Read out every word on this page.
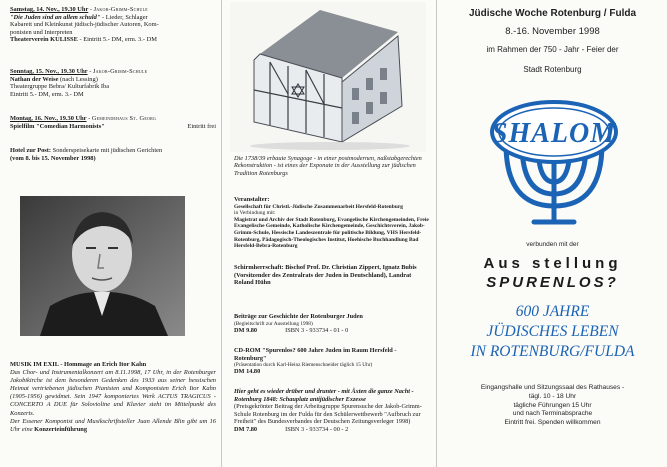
Samstag, 14. Nov., 19.30 Uhr - Jakob-Grimm-Schule
"Die Juden sind an allem schuld" - Lieder, Schlager
Kabarett und Kleinkunst jüdisch-jüdischer Autoren, Kom-
ponisten und Interpreten
Theaterverein KULISSE - Eintritt 5.- DM, erm. 3.- DM
Sonntag, 15. Nov., 19.30 Uhr - Jakob-Grimm-Schule
Nathan der Weise (nach Lessing)
Theatergruppe Bebra/ Kulturfabrik Iba
Eintritt 5.- DM, erm. 3.- DM
Montag, 16. Nov., 19.30 Uhr - Gemeindehaus St. Georg
Spielfilm "Comedian Harmonists"	Eintritt frei
Hotel zur Post: Sonderspeisekarte mit jüdischen Gerichten
(vom 8. bis 15. November 1998)
MUSIK IM EXIL - Hommage an Erich Itor Kahn
Das Chor- und Instrumentalkonzert am 8.11.1998, 17 Uhr, in der Rotenburger Jakobikirche ist dem besonderen Gedenken des 1933 aus seiner hessischen Heimat vertriebenen jüdischen Pianisten und Komponisten Erich Itor Kahn (1905-1956) gewidmet. Sein 1947 komponiertes Werk ACTUS TRAGICUS - CONCERTO A DUE für Solovioline und Klavier steht im Mittelpunkt des Konzerts.
Der Essener Komponist und Musikschriftsteller Juan Allende Blin gibt um 16 Uhr eine Konzerteinführung
Die 1738/39 erbaute Synagoge - in einer postmodernen, naßstabgerechten Rekonstruktion - ist eines der Exponate in der Ausstellung zur jüdischen Tradition Rotenburgs
Veranstalter:
Gesellschaft für Christl.-Jüdische Zusammenarbeit Hersfeld-Rotenburg
in Verbindung mit:
Magistrat und Archiv der Stadt Rotenburg, Evangelische Kirchengemeinden, Freie Evangelische Gemeinde, Katholische Kirchengemeinde, Geschichtsverein, Jakob-Grimm-Schule, Hessische Landeszentrale für politische Bildung, VHS Hersfeld-Rotenburg, Pädagogisch-Theologisches Institut, Hoehische Buchhandlung Bad Hersfeld-Bebra-Rotenburg
Schirmherrschaft: Bischof Prof. Dr. Christian Zippert, Ignatz Bubis (Vorsitzender des Zentralrats der Juden in Deutschland), Landrat Roland Hühn
Beiträge zur Geschichte der Rotenburger Juden
(Begleitschrift zur Ausstellung 1998)
DM 9.80	ISBN 3 - 933734 - 01 - 0
CD-ROM "Spurenlos? 600 Jahre Juden im Raum Hersfeld - Rotenburg"
(Präsentation durch Karl-Heinz Riemenschneider täglich 15 Uhr)
DM 14.80
Hier geht es wieder drüber und drunter - mit Äxten die ganze Nacht - Rotenburg 1848: Schauplatz antijüdischer Exzesse
(Preisgekrönter Beitrag der Arbeitsgruppe Spurensuche der Jakob-Grimm-Schule Rotenburg im der Fulda für den Schülerwettbewerb "Aufbruch zur Freiheit" des Bundesverbandes der Deutschen Zeitungsverleger 1998)
DM 7.80	ISBN 3 - 933734 - 00 - 2
Jüdische Woche Rotenburg / Fulda
8.-16. November 1998
im Rahmen der 750 - Jahr - Feier der
Stadt Rotenburg
SHALOM
verbunden mit der
Aus stellung
SPURENLOS?
600 JAHRE
JÜDISCHES LEBEN
IN ROTENBURG/FULDA
Eingangshalle und Sitzungssaal des Rathauses -
tägl. 10 - 18 Uhr
tägliche Führungen 15 Uhr
und nach Terminabsprache
Eintritt frei. Spenden willkommen
